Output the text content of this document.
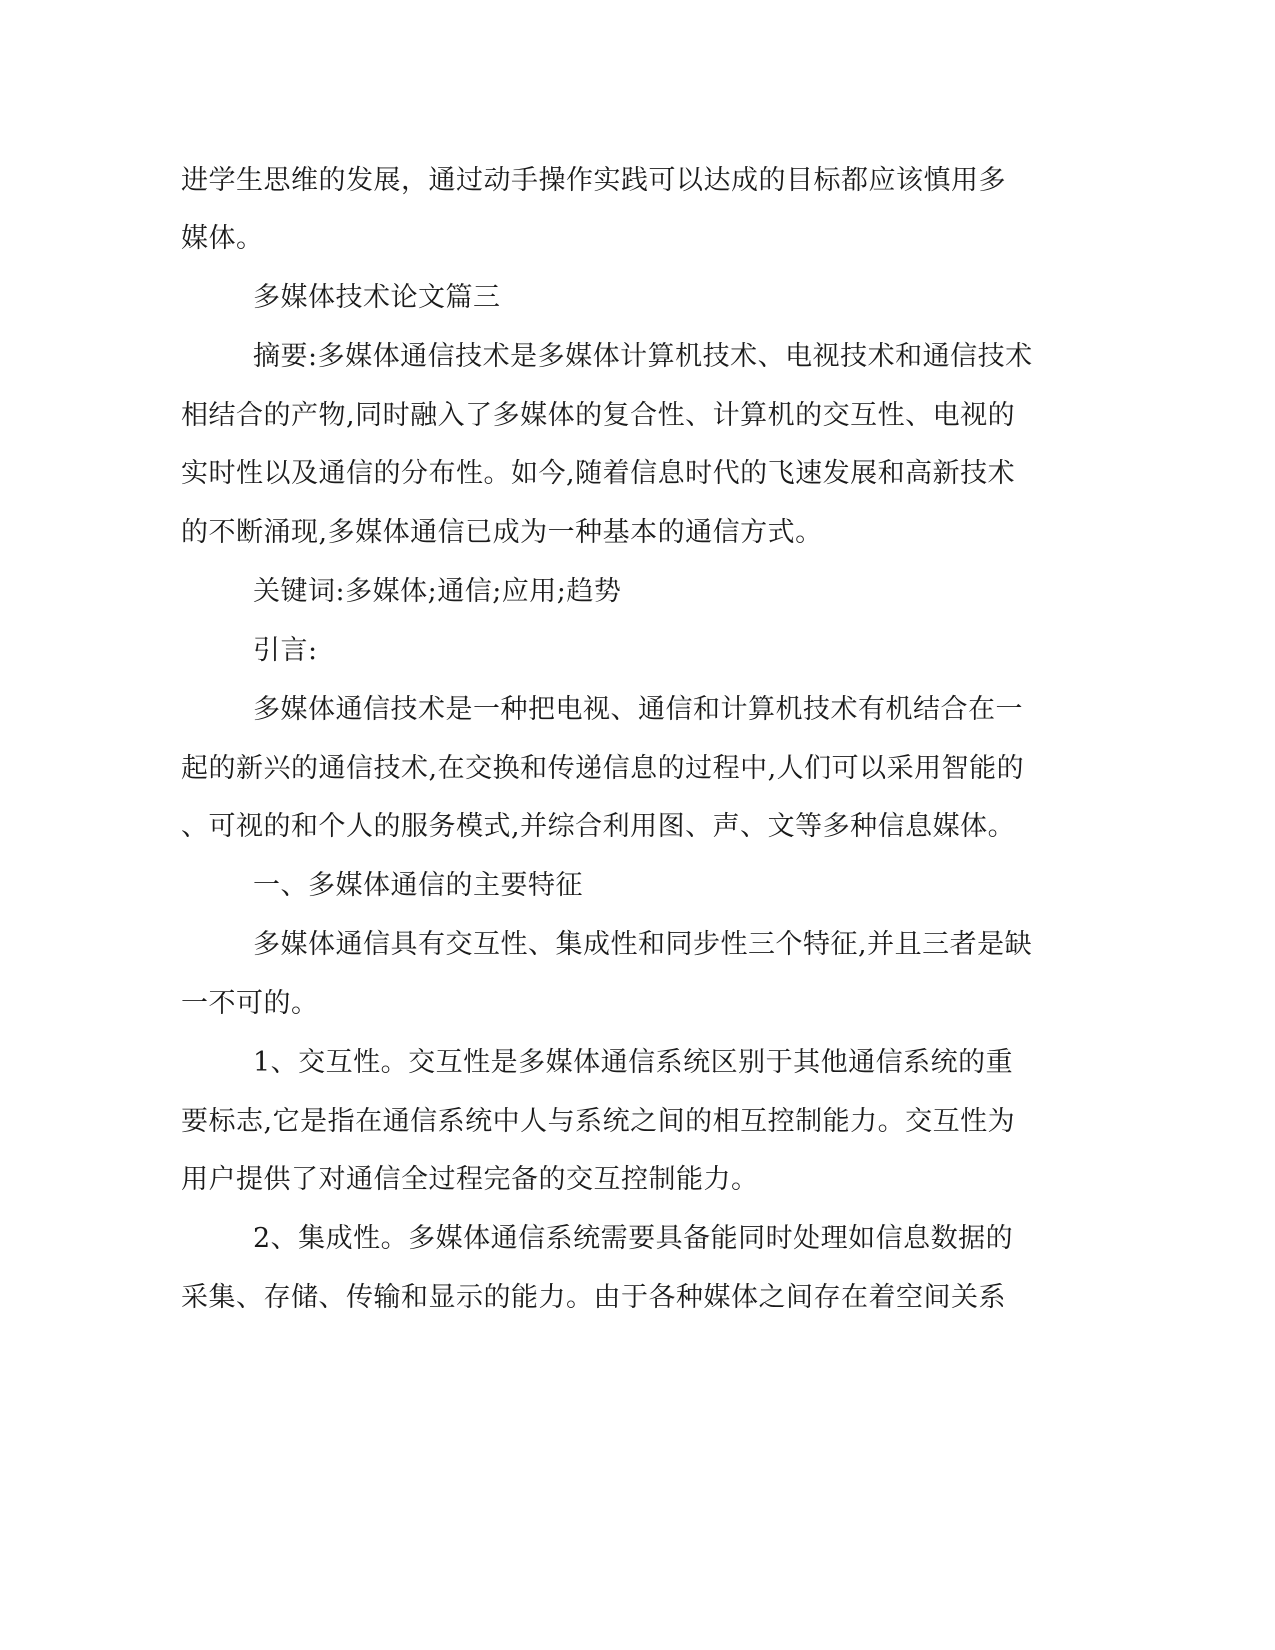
进学生思维的发展，通过动手操作实践可以达成的目标都应该慎用多
媒体。
多媒体技术论文篇三
摘要:多媒体通信技术是多媒体计算机技术、电视技术和通信技术
相结合的产物,同时融入了多媒体的复合性、计算机的交互性、电视的
实时性以及通信的分布性。如今,随着信息时代的飞速发展和高新技术
的不断涌现,多媒体通信已成为一种基本的通信方式。
关键词:多媒体;通信;应用;趋势
引言:
多媒体通信技术是一种把电视、通信和计算机技术有机结合在一
起的新兴的通信技术,在交换和传递信息的过程中,人们可以采用智能的
、可视的和个人的服务模式,并综合利用图、声、文等多种信息媒体。
一、多媒体通信的主要特征
多媒体通信具有交互性、集成性和同步性三个特征,并且三者是缺
一不可的。
1、交互性。交互性是多媒体通信系统区别于其他通信系统的重
要标志,它是指在通信系统中人与系统之间的相互控制能力。交互性为
用户提供了对通信全过程完备的交互控制能力。
2、集成性。多媒体通信系统需要具备能同时处理如信息数据的
采集、存储、传输和显示的能力。由于各种媒体之间存在着空间关系
